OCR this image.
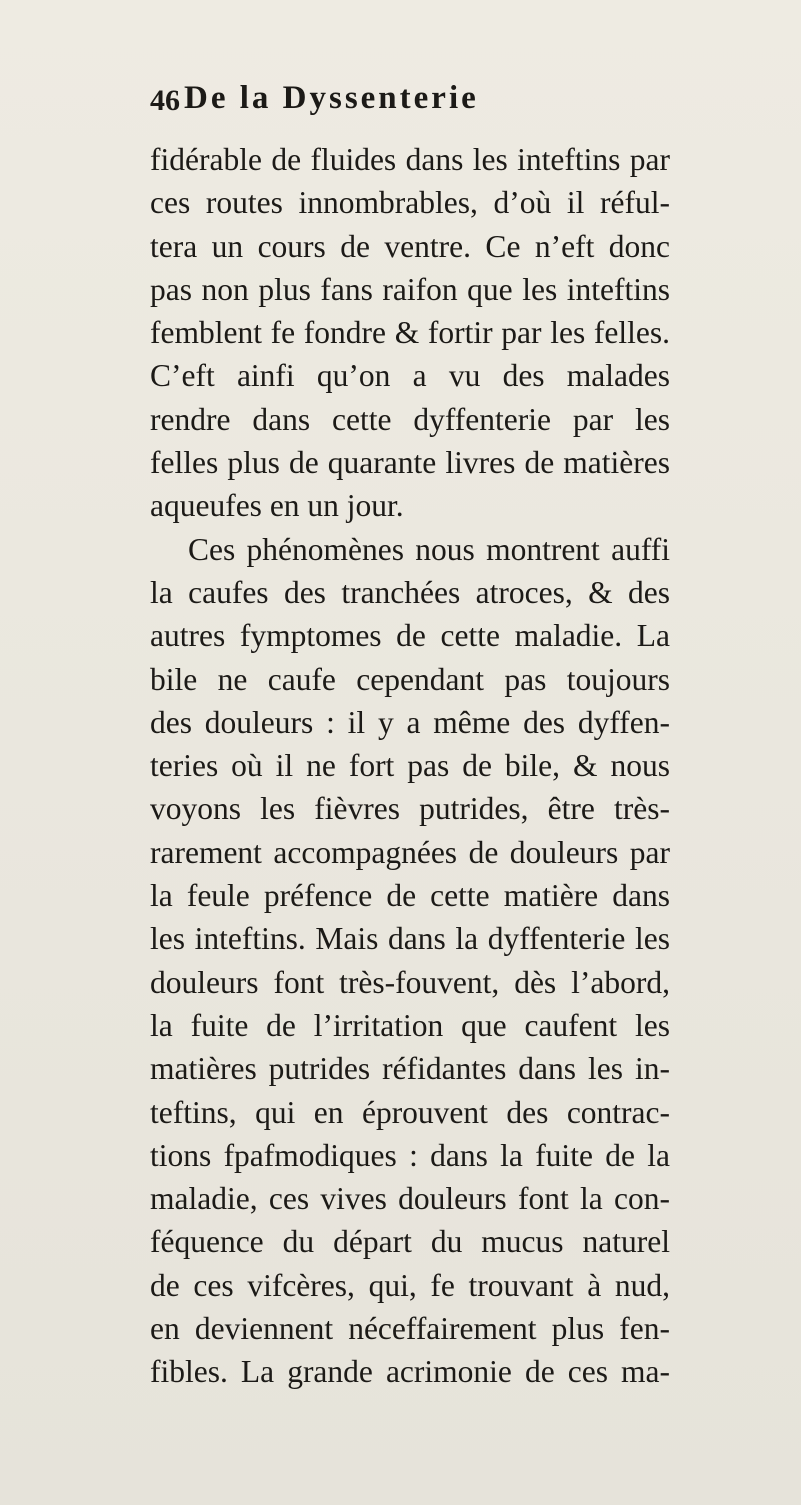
46 De la Dyssenterie
fidérable de fluides dans les inteftins par
ces routes innombrables, d’où il réful-
tera un cours de ventre. Ce n’eft donc
pas non plus fans raifon que les inteftins
femblent fe fondre & fortir par les felles.
C’eft ainfi qu’on a vu des malades
rendre dans cette dyffenterie par les
felles plus de quarante livres de matières
aqueufes en un jour.
Ces phénomènes nous montrent auffi
la caufes des tranchées atroces, & des
autres fymptomes de cette maladie. La
bile ne caufe cependant pas toujours
des douleurs : il y a même des dyffen-
teries où il ne fort pas de bile, & nous
voyons les fièvres putrides, être très-
rarement accompagnées de douleurs par
la feule préfence de cette matière dans
les inteftins. Mais dans la dyffenterie les
douleurs font très-fouvent, dès l’abord,
la fuite de l’irritation que caufent les
matières putrides réfidantes dans les in-
teftins, qui en éprouvent des contrac-
tions fpafmodiques : dans la fuite de la
maladie, ces vives douleurs font la con-
féquence du départ du mucus naturel
de ces vifcères, qui, fe trouvant à nud,
en deviennent néceffairement plus fen-
fibles. La grande acrimonie de ces ma-
